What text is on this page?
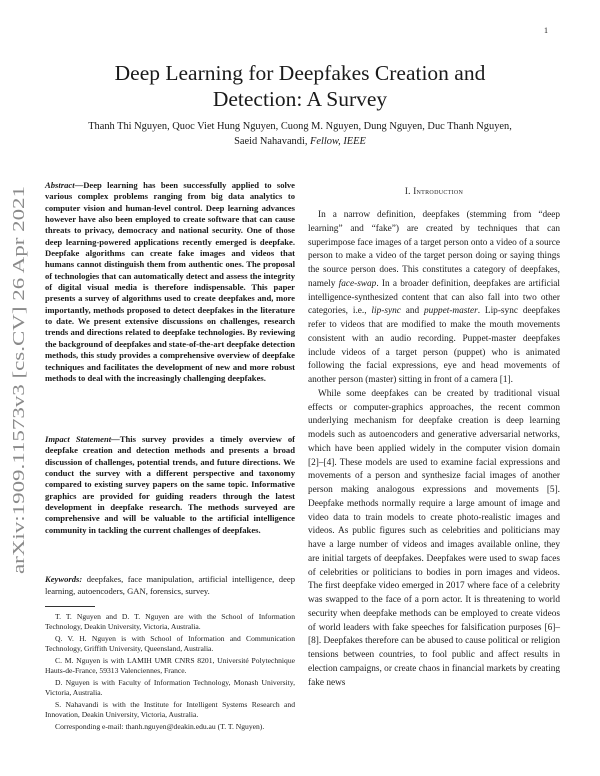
1
arXiv:1909.11573v3 [cs.CV] 26 Apr 2021
Deep Learning for Deepfakes Creation and
Detection: A Survey
Thanh Thi Nguyen, Quoc Viet Hung Nguyen, Cuong M. Nguyen, Dung Nguyen, Duc Thanh Nguyen,
Saeid Nahavandi, Fellow, IEEE

Abstract—Deep learning has been successfully applied to solve various complex problems ranging from big data analytics to computer vision and human-level control. Deep learning advances however have also been employed to create software that can cause threats to privacy, democracy and national security. One of those deep learning-powered applications recently emerged is deepfake. Deepfake algorithms can create fake images and videos that humans cannot distinguish them from authentic ones. The proposal of technologies that can automatically detect and assess the integrity of digital visual media is therefore indispensable. This paper presents a survey of algorithms used to create deepfakes and, more importantly, methods proposed to detect deepfakes in the literature to date. We present extensive discussions on challenges, research trends and directions related to deepfake technologies. By reviewing the background of deepfakes and state-of-the-art deepfake detection methods, this study provides a comprehensive overview of deepfake techniques and facilitates the development of new and more robust methods to deal with the increasingly challenging deepfakes.

Impact Statement—This survey provides a timely overview of deepfake creation and detection methods and presents a broad discussion of challenges, potential trends, and future directions. We conduct the survey with a different perspective and taxonomy compared to existing survey papers on the same topic. Informative graphics are provided for guiding readers through the latest development in deepfake research. The methods surveyed are comprehensive and will be valuable to the artificial intelligence community in tackling the current challenges of deepfakes.

Keywords: deepfakes, face manipulation, artificial intelligence, deep learning, autoencoders, GAN, forensics, survey.

T. T. Nguyen and D. T. Nguyen are with the School of Information Technology, Deakin University, Victoria, Australia.

Q. V. H. Nguyen is with School of Information and Communication Technology, Griffith University, Queensland, Australia.

C. M. Nguyen is with LAMIH UMR CNRS 8201, Université Polytechnique Hauts-de-France, 59313 Valenciennes, France.

D. Nguyen is with Faculty of Information Technology, Monash University, Victoria, Australia.

S. Nahavandi is with the Institute for Intelligent Systems Research and Innovation, Deakin University, Victoria, Australia.

Corresponding e-mail: thanh.nguyen@deakin.edu.au (T. T. Nguyen).

I. Introduction

In a narrow definition, deepfakes (stemming from “deep learning” and “fake”) are created by techniques that can superimpose face images of a target person onto a video of a source person to make a video of the target person doing or saying things the source person does. This constitutes a category of deepfakes, namely face-swap. In a broader definition, deepfakes are artificial intelligence-synthesized content that can also fall into two other categories, i.e., lip-sync and puppet-master. Lip-sync deepfakes refer to videos that are modified to make the mouth movements consistent with an audio recording. Puppet-master deepfakes include videos of a target person (puppet) who is animated following the facial expressions, eye and head movements of another person (master) sitting in front of a camera [1].

While some deepfakes can be created by traditional visual effects or computer-graphics approaches, the recent common underlying mechanism for deepfake creation is deep learning models such as autoencoders and generative adversarial networks, which have been applied widely in the computer vision domain [2]–[4]. These models are used to examine facial expressions and movements of a person and synthesize facial images of another person making analogous expressions and movements [5]. Deepfake methods normally require a large amount of image and video data to train models to create photo-realistic images and videos. As public figures such as celebrities and politicians may have a large number of videos and images available online, they are initial targets of deepfakes. Deepfakes were used to swap faces of celebrities or politicians to bodies in porn images and videos. The first deepfake video emerged in 2017 where face of a celebrity was swapped to the face of a porn actor. It is threatening to world security when deepfake methods can be employed to create videos of world leaders with fake speeches for falsification purposes [6]–[8]. Deepfakes therefore can be abused to cause political or religion tensions between countries, to fool public and affect results in election campaigns, or create chaos in financial markets by creating fake news
